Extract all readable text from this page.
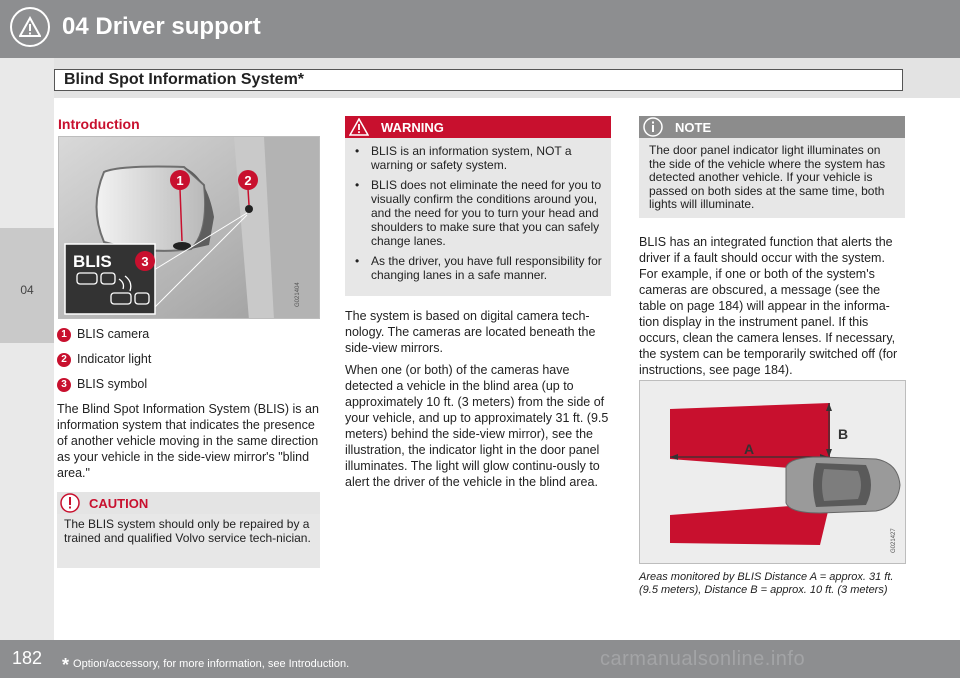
04 Driver support
Blind Spot Information System*
04
Introduction
BLIS
1	2
3
G021404
1 BLIS camera
2 Indicator light
3 BLIS symbol

The Blind Spot Information System (BLIS) is an information system that indicates the presence of another vehicle moving in the same direction as your vehicle in the side-view mirror's "blind area."

CAUTION
The BLIS system should only be repaired by a trained and qualified Volvo service tech-nician.
WARNING
• BLIS is an information system, NOT a warning or safety system.
• BLIS does not eliminate the need for you to visually confirm the conditions around you, and the need for you to turn your head and shoulders to make sure that you can safely change lanes.
• As the driver, you have full responsibility for changing lanes in a safe manner.

The system is based on digital camera tech-nology. The cameras are located beneath the side-view mirrors.

When one (or both) of the cameras have detected a vehicle in the blind area (up to approximately 10 ft. (3 meters) from the side of your vehicle, and up to approximately 31 ft. (9.5 meters) behind the side-view mirror), see the illustration, the indicator light in the door panel illuminates. The light will glow continu-ously to alert the driver of the vehicle in the blind area.

NOTE
The door panel indicator light illuminates on the side of the vehicle where the system has detected another vehicle. If your vehicle is passed on both sides at the same time, both lights will illuminate.

BLIS has an integrated function that alerts the driver if a fault should occur with the system. For example, if one or both of the system's cameras are obscured, a message (see the table on page 184) will appear in the informa-tion display in the instrument panel. If this occurs, clean the camera lenses. If necessary, the system can be temporarily switched off (for instructions, see page 184).

A
B
G021427
Areas monitored by BLIS Distance A = approx. 31 ft. (9.5 meters), Distance B = approx. 10 ft. (3 meters)
182 * Option/accessory, for more information, see Introduction.	carmanualsonline.info
